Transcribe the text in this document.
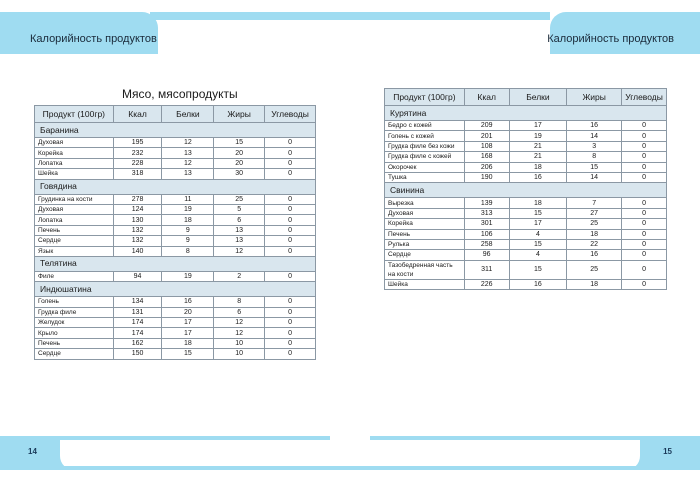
Калорийность продуктов	Калорийность продуктов
14	15
Мясо, мясопродукты
Продукт (100гр)	Ккал	Белки	Жиры	Углеводы
Баранина				
Духовая	195	12	15	0
Корейка	232	13	20	0
Лопатка	228	12	20	0
Шейка	318	13	30	0
Говядина				
Грудинка на кости	278	11	25	0
Духовая	124	19	5	0
Лопатка	130	18	6	0
Печень	132	9	13	0
Сердце	132	9	13	0
Язык	140	8	12	0
Телятина				
Филе	94	19	2	0
Индюшатина				
Голень	134	16	8	0
Грудка филе	131	20	6	0
Желудок	174	17	12	0
Крыло	174	17	12	0
Печень	162	18	10	0
Сердце	150	15	10	0
Продукт (100гр)	Ккал	Белки	Жиры	Углеводы
Курятина				
Бедро с кожей	209	17	16	0
Голень с кожей	201	19	14	0
Грудка филе без кожи	108	21	3	0
Грудка филе с кожей	168	21	8	0
Окорочек	206	18	15	0
Тушка	190	16	14	0
Свинина				
Вырезка	139	18	7	0
Духовая	313	15	27	0
Корейка	301	17	25	0
Печень	106	4	18	0
Рулька	258	15	22	0
Сердце	96	4	16	0
Тазобедренная часть на кости	311	15	25	0
Шейка	226	16	18	0
